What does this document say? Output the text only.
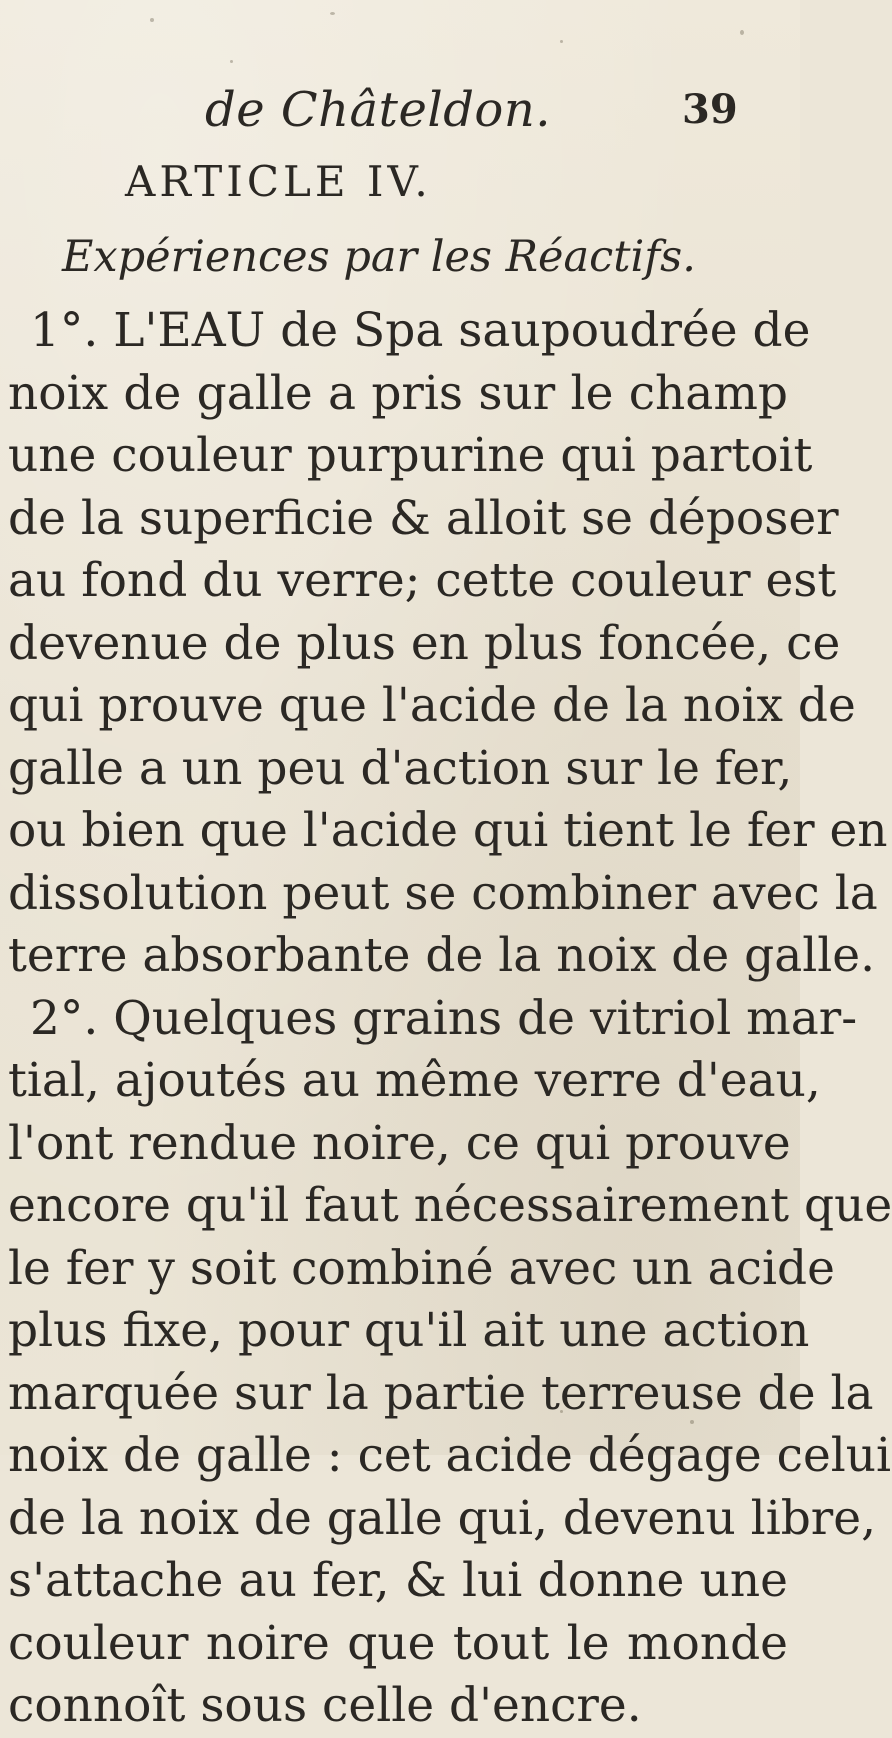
de Châteldon.	39
ARTICLE IV.
Expériences par les Réactifs.
1°. L'EAU de Spa saupoudrée de
noix de galle a pris sur le champ
une couleur purpurine qui partoit
de la superficie & alloit se déposer
au fond du verre; cette couleur est
devenue de plus en plus foncée, ce
qui prouve que l'acide de la noix de
galle a un peu d'action sur le fer,
ou bien que l'acide qui tient le fer en
dissolution peut se combiner avec la
terre absorbante de la noix de galle.
2°. Quelques grains de vitriol mar-
tial, ajoutés au même verre d'eau,
l'ont rendue noire, ce qui prouve
encore qu'il faut nécessairement que
le fer y soit combiné avec un acide
plus fixe, pour qu'il ait une action
marquée sur la partie terreuse de la
noix de galle : cet acide dégage celui
de la noix de galle qui, devenu libre,
s'attache au fer, & lui donne une
couleur noire que tout le monde
connoît sous celle d'encre.
